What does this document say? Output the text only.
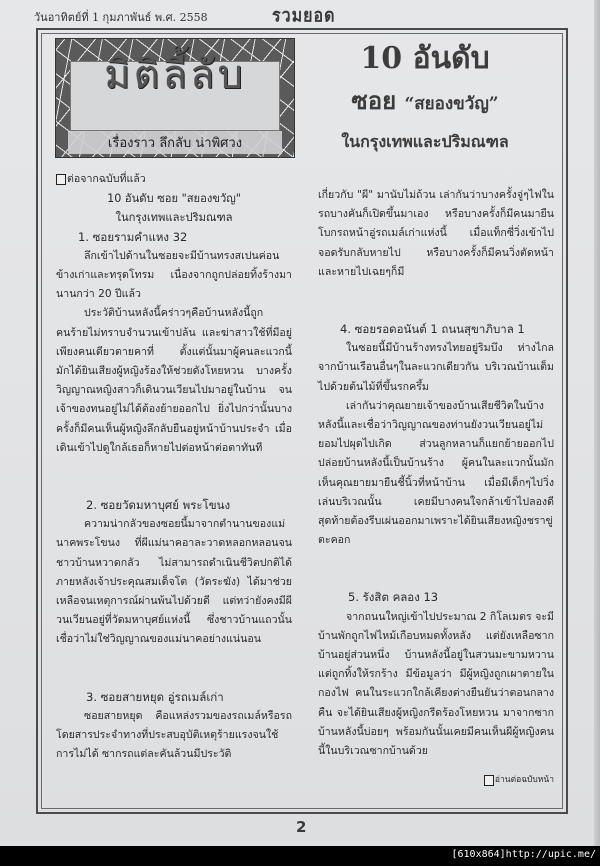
วันอาทิตย์ที่ 1 กุมภาพันธ์ พ.ศ. 2558	รวมยอด
มิติลี้ลับ
เรื่องราว ลึกลับ น่าพิศวง
10 อันดับ
ซอย “สยองขวัญ”
ในกรุงเทพและปริมณฑล

ต่อจากฉบับที่แล้ว

10 อันดับ ซอย "สยองขวัญ"

ในกรุงเทพและปริมณฑล

1. ซอยรามคำแหง 32

ลึกเข้าไปด้านในซอยจะมีบ้านทรงสเปนค่อนข้างเก่าและทรุดโทรม เนื่องจากถูกปล่อยทิ้งร้างมานานกว่า 20 ปีแล้ว

ประวัติบ้านหลังนี้คร่าวๆคือบ้านหลังนี้ถูกคนร้ายไม่ทราบจำนวนเข้าปล้น และฆ่าสาวใช้ที่มีอยู่เพียงคนเดียวตายคาที่ ตั้งแต่นั้นมาผู้คนละแวกนี้มักได้ยินเสียงผู้หญิงร้องให้ช่วยดังโหยหวน บางครั้งวิญญาณหญิงสาวก็เดินวนเวียนไปมาอยู่ในบ้าน จนเจ้าของทนอยู่ไม่ได้ต้องย้ายออกไป ยิ่งไปกว่านั้นบางครั้งก็มีคนเห็นผู้หญิงลึกลับยืนอยู่หน้าบ้านประจำ เมื่อเดินเข้าไปดูใกล้เธอก็หายไปต่อหน้าต่อตาทันที

2. ซอยวัดมหาบุศย์ พระโขนง

ความน่ากลัวของซอยนี้มาจากตำนานของแม่นาคพระโขนง ที่ผีแม่นาคอาละวาดหลอกหลอนจนชาวบ้านหวาดกลัว ไม่สามารถดำเนินชีวิตปกติได้ ภายหลังเจ้าประคุณสมเด็จโต (วัดระฆัง) ได้มาช่วยเหลือจนเหตุการณ์ผ่านพ้นไปด้วยดี แต่ทว่ายังคงมีผีวนเวียนอยู่ที่วัดมหาบุศย์แห่งนี้ ซึ่งชาวบ้านแถวนั้นเชื่อว่าไม่ใช่วิญญาณของแม่นาคอย่างแน่นอน

3. ซอยสายหยุด อู่รถเมล์เก่า

ซอยสายหยุด คือแหล่งรวมของรถเมล์หรือรถโดยสารประจำทางที่ประสบอุบัติเหตุร้ายแรงจนใช้การไม่ได้ ซากรถแต่ละคันล้วนมีประวัติ

เกี่ยวกับ "ผี" มานับไม่ถ้วน เล่ากันว่าบางครั้งจู่ๆไฟในรถบางคันก็เปิดขึ้นมาเอง หรือบางครั้งก็มีคนมายืนโบกรถหน้าอู่รถเมล์เก่าแห่งนี้ เมื่อแท็กซี่วิ่งเข้าไปจอดรับกลับหายไป หรือบางครั้งก็มีคนวิ่งตัดหน้า และหายไปเฉยๆก็มี

4. ซอยรอดอนันต์ 1 ถนนสุขาภิบาล 1

ในซอยนี้มีบ้านร้างทรงไทยอยู่ริมบึง ห่างไกลจากบ้านเรือนอื่นๆในละแวกเดียวกัน บริเวณบ้านเต็มไปด้วยต้นไม้ที่ขึ้นรกครึ้ม

เล่ากันว่าคุณยายเจ้าของบ้านเสียชีวิตในบ้างหลังนี้และเชื่อว่าวิญญาณของท่านยังวนเวียนอยู่ไม่ยอมไปผุดไปเกิด ส่วนลูกหลานก็แยกย้ายออกไป ปล่อยบ้านหลังนี้เป็นบ้านร้าง ผู้คนในละแวกนั้นมักเห็นคุณยายมายืนชี้นิ้วที่หน้าบ้าน เมื่อมีเด็กๆไปวิ่งเล่นบริเวณนั้น เคยมีบางคนใจกล้าเข้าไปลองดี สุดท้ายต้องรีบเผ่นออกมาเพราะได้ยินเสียงหญิงชราขู่ตะคอก

5. รังสิต คลอง 13

จากถนนใหญ่เข้าไปประมาณ 2 กิโลเมตร จะมีบ้านพักถูกไฟไหม้เกือบหมดทั้งหลัง แต่ยังเหลือซากบ้านอยู่ส่วนหนึ่ง บ้านหลังนี้อยู่ในสวนมะขามหวาน แต่ถูกทิ้งให้รกร้าง มีข้อมูลว่า มีผู้หญิงถูกเผาตายในกองไฟ คนในระแวกใกล้เคียงต่างยืนยันว่าตอนกลางคืน จะได้ยินเสียงผู้หญิงกรีดร้องโหยหวน มาจากซากบ้านหลังนี้บ่อยๆ พร้อมกันนั้นเคยมีคนเห็นผีผู้หญิงคนนี้ในบริเวณซากบ้านด้วย

อ่านต่อฉบับหน้า

2
[610x864]http://upic.me/
